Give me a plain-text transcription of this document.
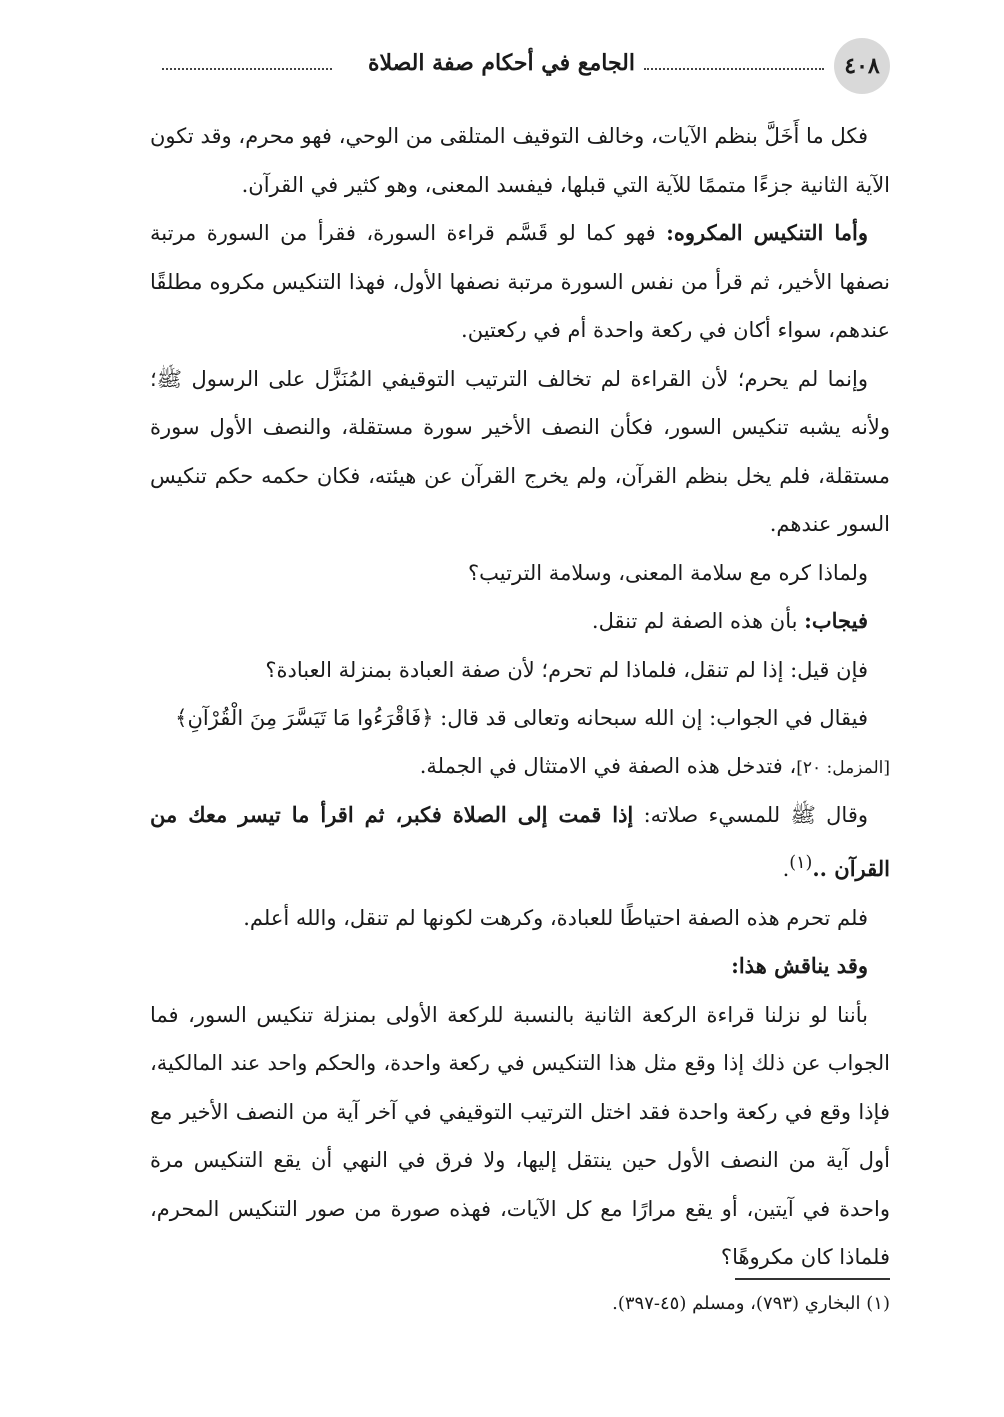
٤٠٨
الجامع في أحكام صفة الصلاة

فكل ما أَخَلَّ بنظم الآيات، وخالف التوقيف المتلقى من الوحي، فهو محرم، وقد تكون الآية الثانية جزءًا متممًا للآية التي قبلها، فيفسد المعنى، وهو كثير في القرآن.

وأما التنكيس المكروه: فهو كما لو قَسَّم قراءة السورة، فقرأ من السورة مرتبة نصفها الأخير، ثم قرأ من نفس السورة مرتبة نصفها الأول، فهذا التنكيس مكروه مطلقًا عندهم، سواء أكان في ركعة واحدة أم في ركعتين.

وإنما لم يحرم؛ لأن القراءة لم تخالف الترتيب التوقيفي المُنَزَّل على الرسول ﷺ؛ ولأنه يشبه تنكيس السور، فكأن النصف الأخير سورة مستقلة، والنصف الأول سورة مستقلة، فلم يخل بنظم القرآن، ولم يخرج القرآن عن هيئته، فكان حكمه حكم تنكيس السور عندهم.

ولماذا كره مع سلامة المعنى، وسلامة الترتيب؟

فيجاب: بأن هذه الصفة لم تنقل.

فإن قيل: إذا لم تنقل، فلماذا لم تحرم؛ لأن صفة العبادة بمنزلة العبادة؟

فيقال في الجواب: إن الله سبحانه وتعالى قد قال: ﴿فَاقْرَءُوا مَا تَيَسَّرَ مِنَ الْقُرْآنِ﴾

[المزمل: ٢٠]، فتدخل هذه الصفة في الامتثال في الجملة.

وقال ﷺ للمسيء صلاته: إذا قمت إلى الصلاة فكبر، ثم اقرأ ما تيسر معك من القرآن ..$^{(١)}$.

فلم تحرم هذه الصفة احتياطًا للعبادة، وكرهت لكونها لم تنقل، والله أعلم.

وقد يناقش هذا:

بأننا لو نزلنا قراءة الركعة الثانية بالنسبة للركعة الأولى بمنزلة تنكيس السور، فما الجواب عن ذلك إذا وقع مثل هذا التنكيس في ركعة واحدة، والحكم واحد عند المالكية، فإذا وقع في ركعة واحدة فقد اختل الترتيب التوقيفي في آخر آية من النصف الأخير مع أول آية من النصف الأول حين ينتقل إليها، ولا فرق في النهي أن يقع التنكيس مرة واحدة في آيتين، أو يقع مرارًا مع كل الآيات، فهذه صورة من صور التنكيس المحرم، فلماذا كان مكروهًا؟

(١) البخاري (٧٩٣)، ومسلم (٤٥-٣٩٧).
